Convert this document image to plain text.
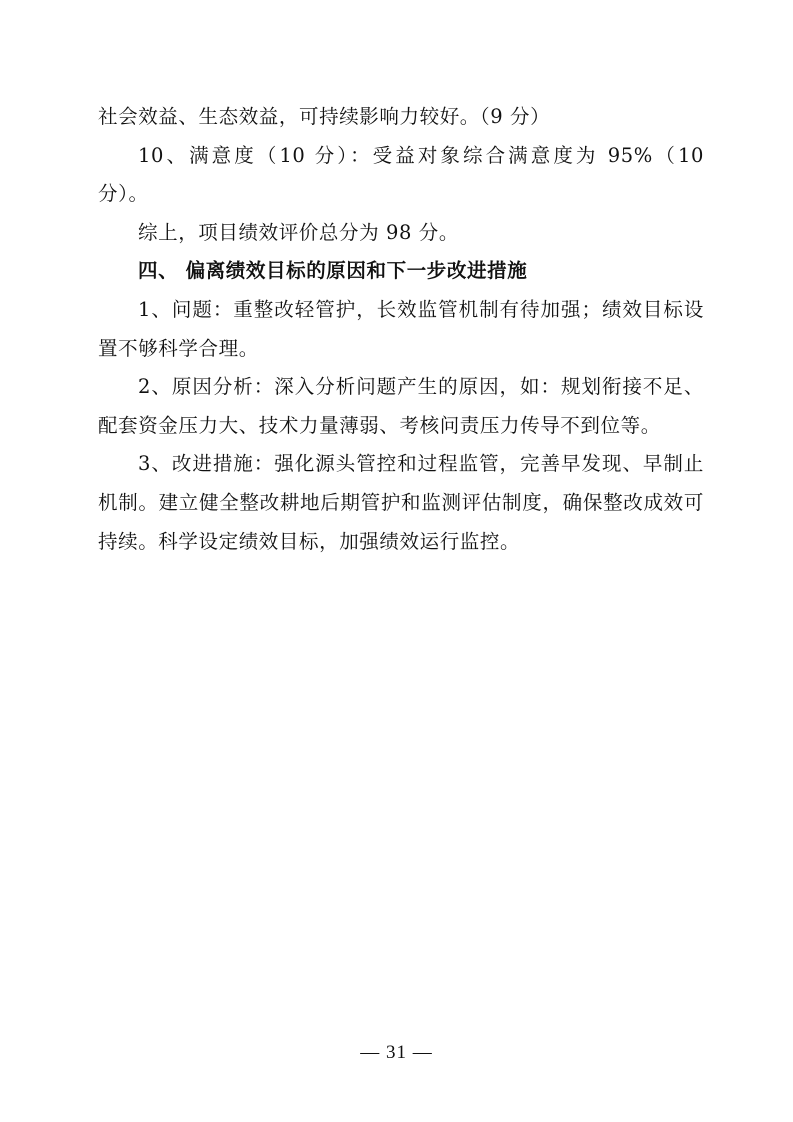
社会效益、生态效益，可持续影响力较好。（9 分）

10、满意度（10 分）：受益对象综合满意度为 95%（10 分）。

综上，项目绩效评价总分为 98 分。

四、 偏离绩效目标的原因和下一步改进措施

1、问题：重整改轻管护，长效监管机制有待加强；绩效目标设置不够科学合理。

2、原因分析：深入分析问题产生的原因，如：规划衔接不足、配套资金压力大、技术力量薄弱、考核问责压力传导不到位等。

3、改进措施：强化源头管控和过程监管，完善早发现、早制止机制。建立健全整改耕地后期管护和监测评估制度，确保整改成效可持续。科学设定绩效目标，加强绩效运行监控。

— 31 —
